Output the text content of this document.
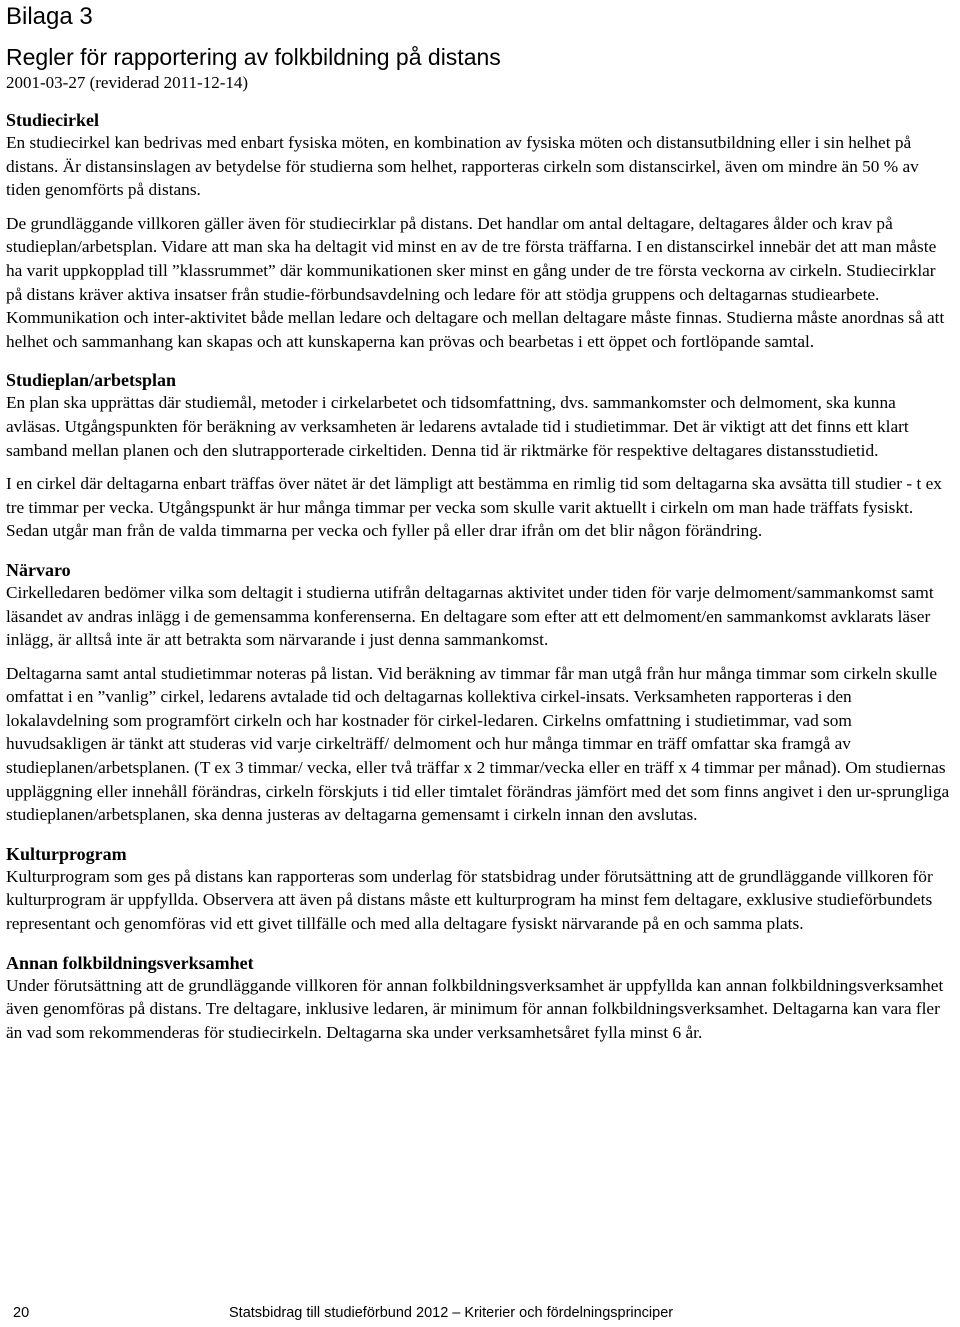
Bilaga 3
Regler för rapportering av folkbildning på distans
2001-03-27 (reviderad 2011-12-14)
Studiecirkel

En studiecirkel kan bedrivas med enbart fysiska möten, en kombination av fysiska möten och distansutbildning eller i sin helhet på distans. Är distansinslagen av betydelse för studierna som helhet, rapporteras cirkeln som distanscirkel, även om mindre än 50 % av tiden genomförts på distans.

De grundläggande villkoren gäller även för studiecirklar på distans. Det handlar om antal deltagare, deltagares ålder och krav på studieplan/arbetsplan. Vidare att man ska ha deltagit vid minst en av de tre första träffarna. I en distanscirkel innebär det att man måste ha varit uppkopplad till ”klassrummet” där kommunikationen sker minst en gång under de tre första veckorna av cirkeln. Studiecirklar på distans kräver aktiva insatser från studie-förbundsavdelning och ledare för att stödja gruppens och deltagarnas studiearbete. Kommunikation och inter-aktivitet både mellan ledare och deltagare och mellan deltagare måste finnas. Studierna måste anordnas så att helhet och sammanhang kan skapas och att kunskaperna kan prövas och bearbetas i ett öppet och fortlöpande samtal.

Studieplan/arbetsplan

En plan ska upprättas där studiemål, metoder i cirkelarbetet och tidsomfattning, dvs. sammankomster och delmoment, ska kunna avläsas. Utgångspunkten för beräkning av verksamheten är ledarens avtalade tid i studietimmar. Det är viktigt att det finns ett klart samband mellan planen och den slutrapporterade cirkeltiden. Denna tid är riktmärke för respektive deltagares distansstudietid.

I en cirkel där deltagarna enbart träffas över nätet är det lämpligt att bestämma en rimlig tid som deltagarna ska avsätta till studier - t ex tre timmar per vecka. Utgångspunkt är hur många timmar per vecka som skulle varit aktuellt i cirkeln om man hade träffats fysiskt. Sedan utgår man från de valda timmarna per vecka och fyller på eller drar ifrån om det blir någon förändring.

Närvaro

Cirkelledaren bedömer vilka som deltagit i studierna utifrån deltagarnas aktivitet under tiden för varje delmoment/sammankomst samt läsandet av andras inlägg i de gemensamma konferenserna. En deltagare som efter att ett delmoment/en sammankomst avklarats läser inlägg, är alltså inte är att betrakta som närvarande i just denna sammankomst.

Deltagarna samt antal studietimmar noteras på listan. Vid beräkning av timmar får man utgå från hur många timmar som cirkeln skulle omfattat i en ”vanlig” cirkel, ledarens avtalade tid och deltagarnas kollektiva cirkel-insats. Verksamheten rapporteras i den lokalavdelning som programfört cirkeln och har kostnader för cirkel-ledaren. Cirkelns omfattning i studietimmar, vad som huvudsakligen är tänkt att studeras vid varje cirkelträff/ delmoment och hur många timmar en träff omfattar ska framgå av studieplanen/arbetsplanen. (T ex 3 timmar/ vecka, eller två träffar x 2 timmar/vecka eller en träff x 4 timmar per månad). Om studiernas uppläggning eller innehåll förändras, cirkeln förskjuts i tid eller timtalet förändras jämfört med det som finns angivet i den ur-sprungliga studieplanen/arbetsplanen, ska denna justeras av deltagarna gemensamt i cirkeln innan den avslutas.

Kulturprogram

Kulturprogram som ges på distans kan rapporteras som underlag för statsbidrag under förutsättning att de grundläggande villkoren för kulturprogram är uppfyllda. Observera att även på distans måste ett kulturprogram ha minst fem deltagare, exklusive studieförbundets representant och genomföras vid ett givet tillfälle och med alla deltagare fysiskt närvarande på en och samma plats.

Annan folkbildningsverksamhet

Under förutsättning att de grundläggande villkoren för annan folkbildningsverksamhet är uppfyllda kan annan folkbildningsverksamhet även genomföras på distans. Tre deltagare, inklusive ledaren, är minimum för annan folkbildningsverksamhet. Deltagarna kan vara fler än vad som rekommenderas för studiecirkeln. Deltagarna ska under verksamhetsåret fylla minst 6 år.

20	Statsbidrag till studieförbund 2012 – Kriterier och fördelningsprinciper
